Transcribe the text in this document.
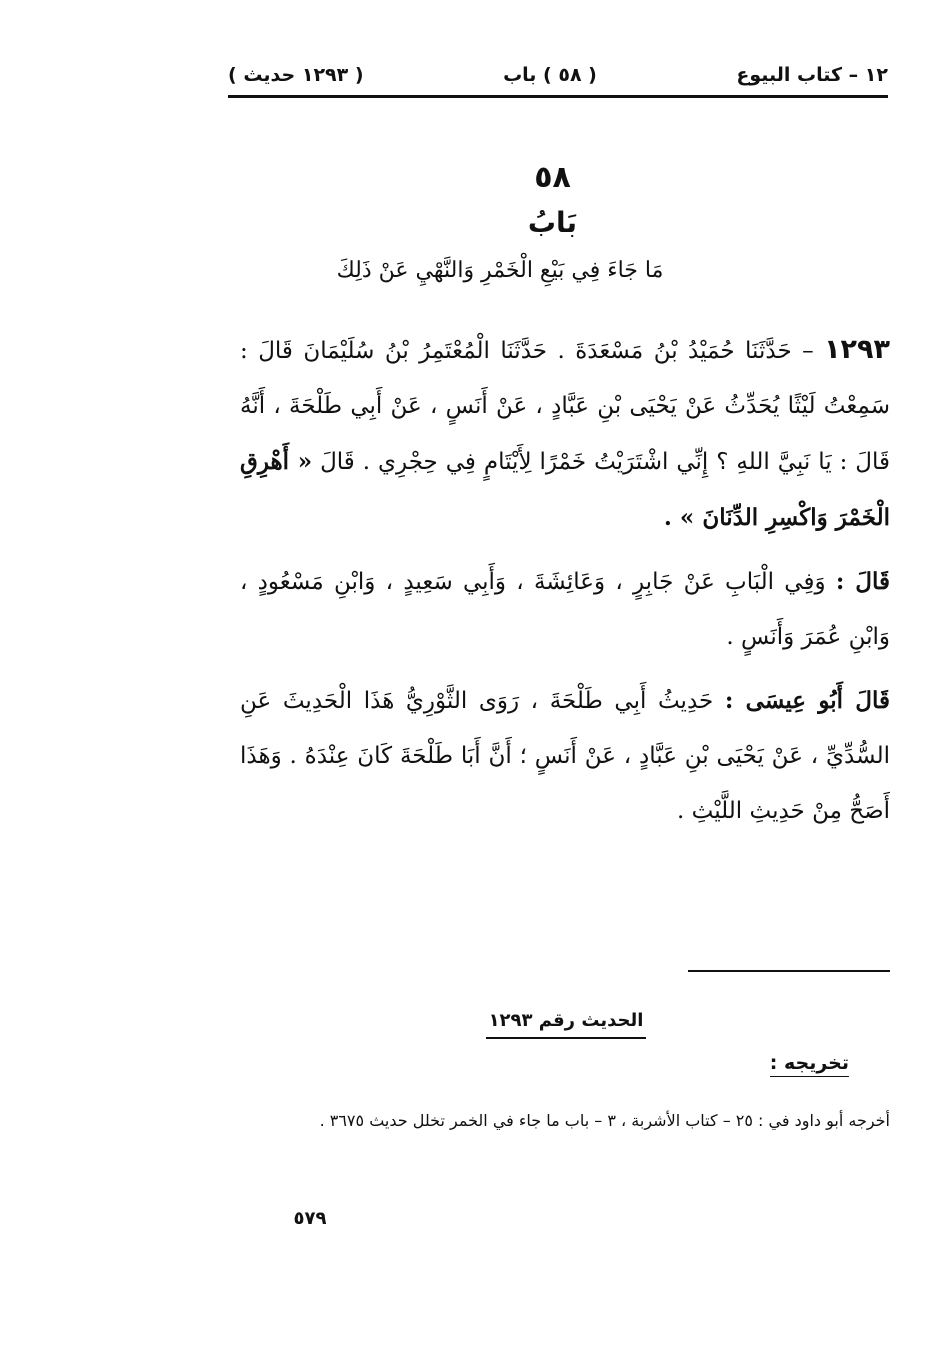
١٢ – كتاب البيوع
( ٥٨ ) باب
( ١٢٩٣ حديث )
٥٨
بَابُ
مَا جَاءَ فِي بَيْعِ الْخَمْرِ وَالنَّهْيِ عَنْ ذَلِكَ

١٢٩٣ – حَدَّثَنَا حُمَيْدُ بْنُ مَسْعَدَةَ . حَدَّثَنَا الْمُعْتَمِرُ بْنُ سُلَيْمَانَ قَالَ : سَمِعْتُ لَيْثًا يُحَدِّثُ عَنْ يَحْيَى بْنِ عَبَّادٍ ، عَنْ أَنَسٍ ، عَنْ أَبِي طَلْحَةَ ، أَنَّهُ قَالَ : يَا نَبِيَّ اللهِ ؟ إِنِّي اشْتَرَيْتُ خَمْرًا لِأَيْتَامٍ فِي حِجْرِي . قَالَ « أَهْرِقِ الْخَمْرَ وَاكْسِرِ الدِّنَانَ » .

قَالَ : وَفِي الْبَابِ عَنْ جَابِرٍ ، وَعَائِشَةَ ، وَأَبِي سَعِيدٍ ، وَابْنِ مَسْعُودٍ ، وَابْنِ عُمَرَ وَأَنَسٍ .

قَالَ أَبُو عِيسَى : حَدِيثُ أَبِي طَلْحَةَ ، رَوَى الثَّوْرِيُّ هَذَا الْحَدِيثَ عَنِ السُّدِّيِّ ، عَنْ يَحْيَى بْنِ عَبَّادٍ ، عَنْ أَنَسٍ ؛ أَنَّ أَبَا طَلْحَةَ كَانَ عِنْدَهُ . وَهَذَا أَصَحُّ مِنْ حَدِيثِ اللَّيْثِ .

الحديث رقم ١٢٩٣
تخريجه :
أخرجه أبو داود في : ٢٥ – كتاب الأشربة ، ٣ – باب ما جاء في الخمر تخلل حديث ٣٦٧٥ .
٥٧٩
